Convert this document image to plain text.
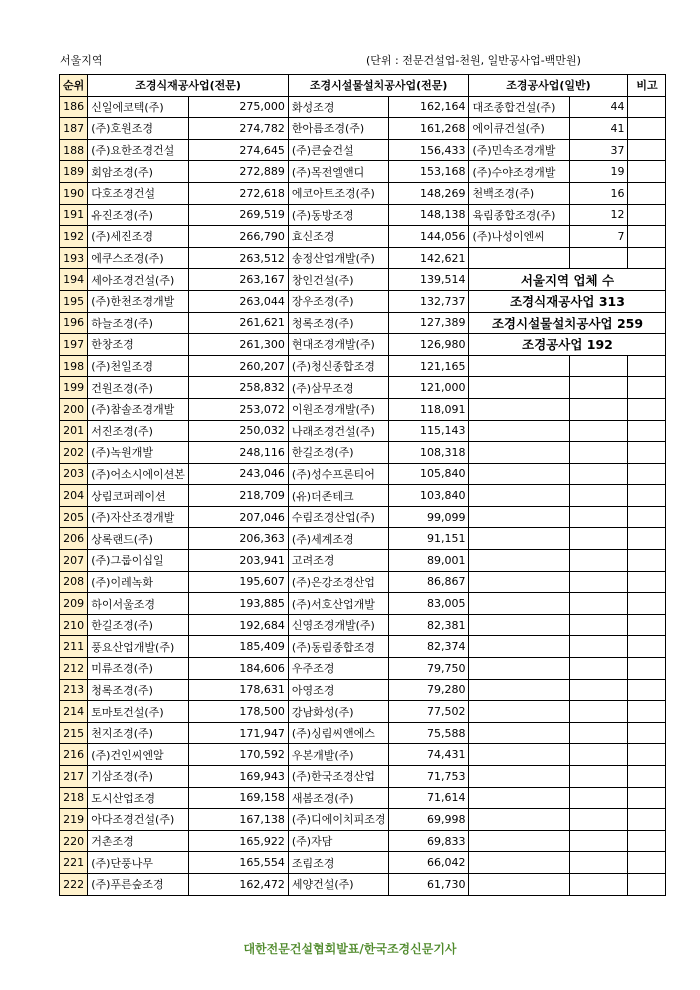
서울지역	(단위 : 전문건설업-천원, 일반공사업-백만원)
순위	조경식재공사업(전문)		조경시설물설치공사업(전문)		조경공사업(일반)		비고
186	신일에코텍(주)	275,000	화성조경	162,164	대조종합건설(주)	44	
187	(주)호원조경	274,782	한아름조경(주)	161,268	에이큐건설(주)	41	
188	(주)요한조경건설	274,645	(주)큰숲건설	156,433	(주)민속조경개발	37	
189	회암조경(주)	272,889	(주)목전엘앤디	153,168	(주)수야조경개발	19	
190	다호조경건설	272,618	에코아트조경(주)	148,269	천백조경(주)	16	
191	유진조경(주)	269,519	(주)동방조경	148,138	육림종합조경(주)	12	
192	(주)세진조경	266,790	효신조경	144,056	(주)나성이엔씨	7	
193	에쿠스조경(주)	263,512	송정산업개발(주)	142,621			
194	세아조경건설(주)	263,167	창인건설(주)	139,514	서울지역 업체 수		
195	(주)한천조경개발	263,044	장우조경(주)	132,737	조경식재공사업 313		
196	하늘조경(주)	261,621	청록조경(주)	127,389	조경시설물설치공사업 259		
197	한창조경	261,300	현대조경개발(주)	126,980	조경공사업 192		
198	(주)천일조경	260,207	(주)청신종합조경	121,165			
199	건원조경(주)	258,832	(주)삼무조경	121,000			
200	(주)참솔조경개발	253,072	이원조경개발(주)	118,091			
201	서진조경(주)	250,032	나래조경건설(주)	115,143			
202	(주)녹원개발	248,116	한길조경(주)	108,318			
203	(주)어소시에이션본	243,046	(주)성수프론티어	105,840			
204	상림코퍼레이션	218,709	(유)더존테크	103,840			
205	(주)자산조경개발	207,046	수림조경산업(주)	99,099			
206	상록랜드(주)	206,363	(주)세계조경	91,151			
207	(주)그룹이십일	203,941	고려조경	89,001			
208	(주)이레녹화	195,607	(주)은강조경산업	86,867			
209	하이서울조경	193,885	(주)서호산업개발	83,005			
210	한길조경(주)	192,684	신영조경개발(주)	82,381			
211	풍요산업개발(주)	185,409	(주)동림종합조경	82,374			
212	미류조경(주)	184,606	우주조경	79,750			
213	청록조경(주)	178,631	아영조경	79,280			
214	토마토건설(주)	178,500	강남화성(주)	77,502			
215	천지조경(주)	171,947	(주)싱림씨앤에스	75,588			
216	(주)건인씨엔알	170,592	우본개발(주)	74,431			
217	기삼조경(주)	169,943	(주)한국조경산업	71,753			
218	도시산업조경	169,158	새봄조경(주)	71,614			
219	아다조경건설(주)	167,138	(주)디에이치피조경	69,998			
220	거촌조경	165,922	(주)자담	69,833			
221	(주)단풍나무	165,554	조림조경	66,042			
222	(주)푸른숲조경	162,472	세양건설(주)	61,730			
대한전문건설협회발표/한국조경신문기사
